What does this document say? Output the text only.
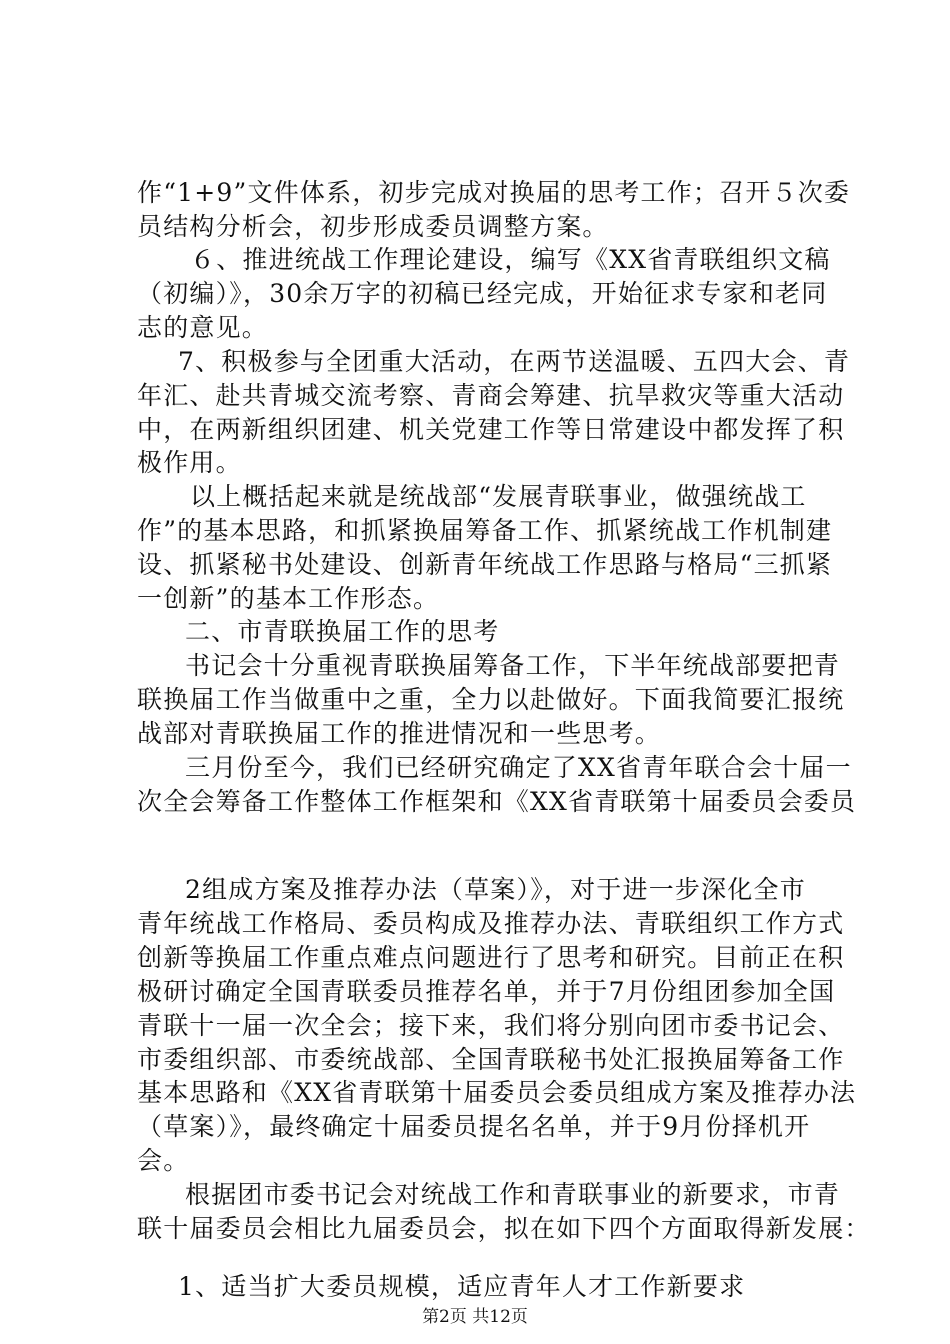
作“1+9”文件体系，初步完成对换届的思考工作；召开５次委
员结构分析会，初步形成委员调整方案。
６、推进统战工作理论建设，编写《XX省青联组织文稿
（初编）》，30余万字的初稿已经完成，开始征求专家和老同
志的意见。
7、积极参与全团重大活动，在两节送温暖、五四大会、青
年汇、赴共青城交流考察、青商会筹建、抗旱救灾等重大活动
中，在两新组织团建、机关党建工作等日常建设中都发挥了积
极作用。
以上概括起来就是统战部“发展青联事业，做强统战工
作”的基本思路，和抓紧换届筹备工作、抓紧统战工作机制建
设、抓紧秘书处建设、创新青年统战工作思路与格局“三抓紧
一创新”的基本工作形态。
二、市青联换届工作的思考
书记会十分重视青联换届筹备工作，下半年统战部要把青
联换届工作当做重中之重，全力以赴做好。下面我简要汇报统
战部对青联换届工作的推进情况和一些思考。
三月份至今，我们已经研究确定了XX省青年联合会十届一
次全会筹备工作整体工作框架和《XX省青联第十届委员会委员
2组成方案及推荐办法（草案）》，对于进一步深化全市
青年统战工作格局、委员构成及推荐办法、青联组织工作方式
创新等换届工作重点难点问题进行了思考和研究。目前正在积
极研讨确定全国青联委员推荐名单，并于7月份组团参加全国
青联十一届一次全会；接下来，我们将分别向团市委书记会、
市委组织部、市委统战部、全国青联秘书处汇报换届筹备工作
基本思路和《XX省青联第十届委员会委员组成方案及推荐办法
（草案）》，最终确定十届委员提名名单，并于9月份择机开
会。
根据团市委书记会对统战工作和青联事业的新要求，市青
联十届委员会相比九届委员会，拟在如下四个方面取得新发展：
1、适当扩大委员规模，适应青年人才工作新要求
第2页 共12页
